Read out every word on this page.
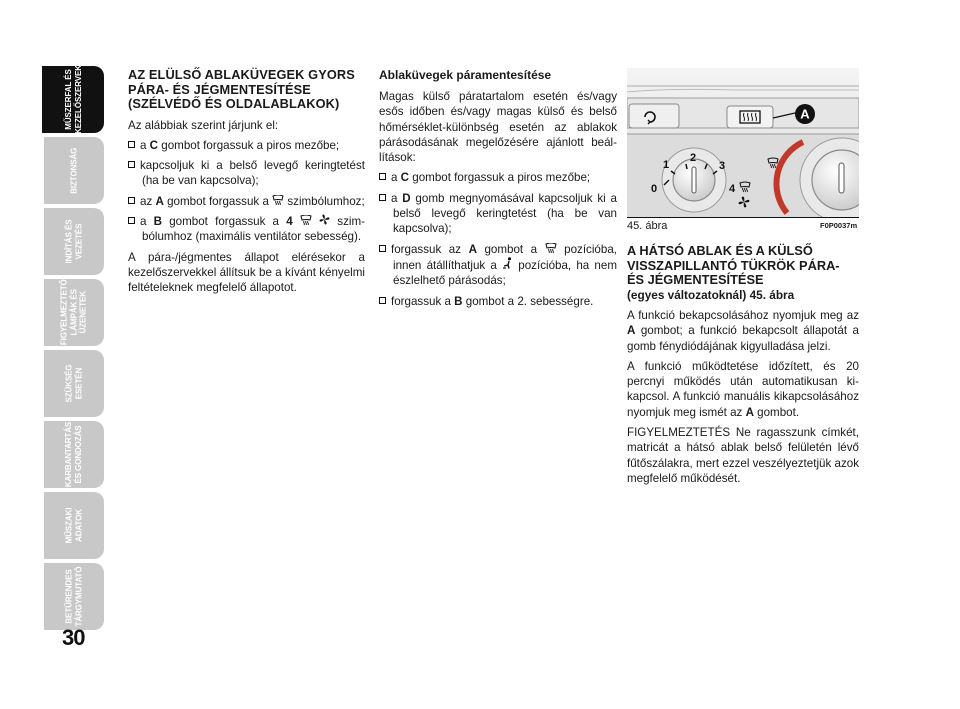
MŰSZERFAL ÉS
KEZELŐSZERVEK
BIZTONSÁG
INDÍTÁS ÉS
VEZETÉS
FIGYELMEZTETŐ
LÁMPÁK ÉS
ÜZENETEK
SZÜKSÉG
ESETÉN
KARBANTARTÁS
ÉS GONDOZÁS
MŰSZAKI
ADATOK
BETŰRENDES
TÁRGYMUTATÓ
30
AZ ELÜLSŐ ABLAKÜVEGEK GYORS PÁRA- ÉS JÉGMENTESÍTÉSE (SZÉLVÉDŐ ÉS OLDALABLAKOK)

Az alábbiak szerint járjunk el:

a C gombot forgassuk a piros mezőbe;
kapcsoljuk ki a belső levegő keringtetést (ha be van kapcsolva);
az A gombot forgassuk a  szimbólumhoz;
a B gombot forgassuk a 4	szimbólumhoz (maximális ventilátor sebesség).

A pára-/jégmentes állapot elérésekor a kezelőszervekkel állítsuk be a kívánt kényelmi feltételeknek megfelelő állapotot.

Ablaküvegek páramentesítése

Magas külső páratartalom esetén és/vagy esős időben és/vagy magas külső és belső hőmérséklet-különbség esetén az ablakok párásodásának megelőzésére ajánlott beállítások:

a C gombot forgassuk a piros mezőbe;
a D gomb megnyomásával kapcsoljuk ki a belső levegő keringtetést (ha be van kapcsolva);
forgassuk az A gombot a  pozícióba, innen átállíthatjuk a  pozícióba, ha nem észlelhető párásodás;
forgassuk a B gombot a 2. sebességre.
A
0
1
2
3
4
45. ábra	F0P0037m
A HÁTSÓ ABLAK ÉS A KÜLSŐ VISSZAPILLANTÓ TÜKRÖK PÁRA- ÉS JÉGMENTESÍTÉSE
(egyes változatoknál) 45. ábra

A funkció bekapcsolásához nyomjuk meg az A gombot; a funkció bekapcsolt állapotát a gomb fénydiódájának kigyulladása jelzi.

A funkció működtetése időzített, és 20 percnyi működés után automatikusan kikapcsol. A funkció manuális kikapcsolásához nyomjuk meg ismét az A gombot.

FIGYELMEZTETÉS Ne ragasszunk címkét, matricát a hátsó ablak belső felületén lévő fűtőszálakra, mert ezzel veszélyeztetjük azok megfelelő működését.
